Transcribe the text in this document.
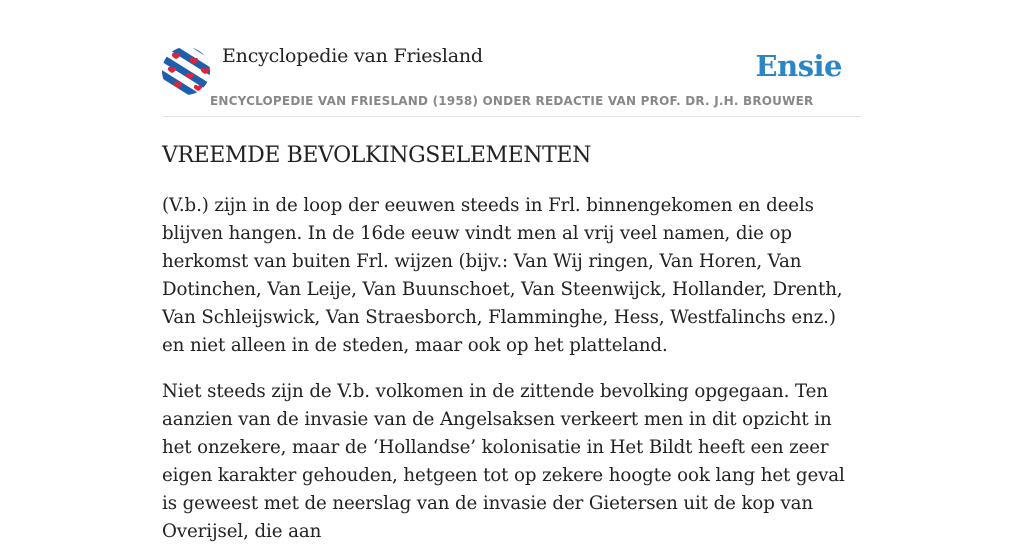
Encyclopedie van Friesland	Ensie
ENCYCLOPEDIE VAN FRIESLAND (1958) ONDER REDACTIE VAN PROF. DR. J.H. BROUWER
VREEMDE BEVOLKINGSELEMENTEN

(V.b.) zijn in de loop der eeuwen steeds in Frl. binnengekomen en deels blijven hangen. In de 16de eeuw vindt men al vrij veel namen, die op herkomst van buiten Frl. wijzen (bijv.: Van Wij ringen, Van Horen, Van Dotinchen, Van Leije, Van Buunschoet, Van Steenwijck, Hollander, Drenth, Van Schleijswick, Van Straesborch, Flamminghe, Hess, Westfalinchs enz.) en niet alleen in de steden, maar ook op het platteland.

Niet steeds zijn de V.b. volkomen in de zittende bevolking opgegaan. Ten aanzien van de invasie van de Angelsaksen verkeert men in dit opzicht in het onzekere, maar de ‘Hollandse’ kolonisatie in Het Bildt heeft een zeer eigen karakter gehouden, hetgeen tot op zekere hoogte ook lang het geval is geweest met de neerslag van de invasie der Gietersen uit de kop van Overijsel, die aan
